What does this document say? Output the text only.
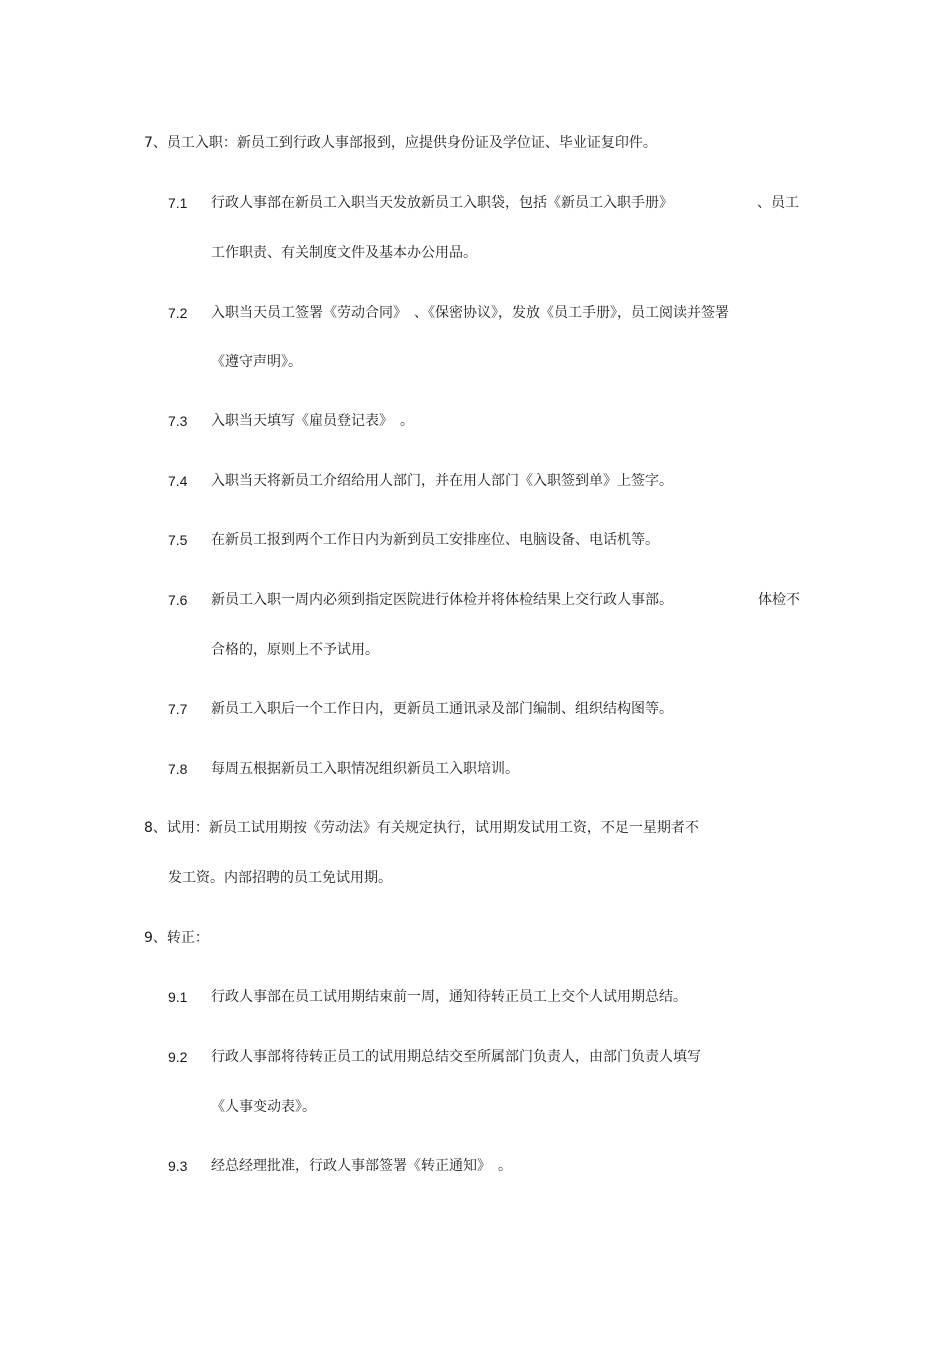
7、员工入职：新员工到行政人事部报到，应提供身份证及学位证、毕业证复印件。
7.1 行政人事部在新员工入职当天发放新员工入职袋，包括《新员工入职手册》	、员工
工作职责、有关制度文件及基本办公用品。
7.2 入职当天员工签署《劳动合同》　、《保密协议》，发放《员工手册》，员工阅读并签署
《遵守声明》。
7.3 入职当天填写《雇员登记表》　。
7.4 入职当天将新员工介绍给用人部门，并在用人部门《入职签到单》上签字。
7.5 在新员工报到两个工作日内为新到员工安排座位、电脑设备、电话机等。
7.6 新员工入职一周内必须到指定医院进行体检并将体检结果上交行政人事部。	体检不
合格的，原则上不予试用。
7.7 新员工入职后一个工作日内，更新员工通讯录及部门编制、组织结构图等。
7.8 每周五根据新员工入职情况组织新员工入职培训。
8、试用：新员工试用期按《劳动法》有关规定执行，试用期发试用工资，不足一星期者不
发工资。内部招聘的员工免试用期。
9、转正：
9.1 行政人事部在员工试用期结束前一周，通知待转正员工上交个人试用期总结。
9.2 行政人事部将待转正员工的试用期总结交至所属部门负责人，由部门负责人填写
《人事变动表》。
9.3 经总经理批准，行政人事部签署《转正通知》　。
